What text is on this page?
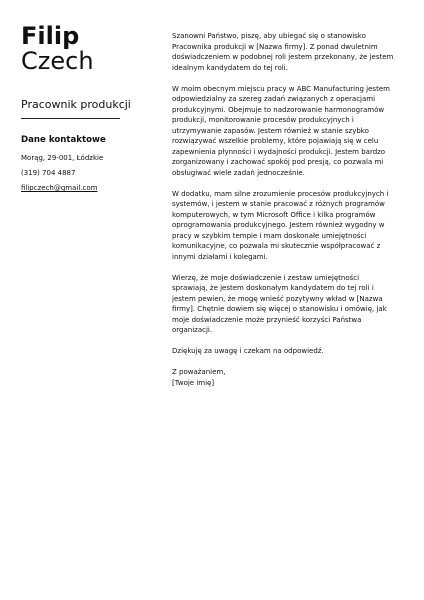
Filip
Czech
Pracownik produkcji
Dane kontaktowe
Morąg, 29-001, Łódzkie
(319) 704 4887
filipczech@gmail.com

Szanowni Państwo, piszę, aby ubiegać się o stanowisko Pracownika produkcji w [Nazwa firmy]. Z ponad dwuletnim doświadczeniem w podobnej roli jestem przekonany, że jestem idealnym kandydatem do tej roli.

W moim obecnym miejscu pracy w ABC Manufacturing jestem odpowiedzialny za szereg zadań związanych z operacjami produkcyjnymi. Obejmuje to nadzorowanie harmonogramów produkcji, monitorowanie procesów produkcyjnych i utrzymywanie zapasów. Jestem również w stanie szybko rozwiązywać wszelkie problemy, które pojawiają się w celu zapewnienia płynności i wydajności produkcji. Jestem bardzo zorganizowany i zachować spokój pod presją, co pozwala mi obsługiwać wiele zadań jednocześnie.

W dodatku, mam silne zrozumienie procesów produkcyjnych i systemów, i jestem w stanie pracować z różnych programów komputerowych, w tym Microsoft Office i kilka programów oprogramowania produkcyjnego. Jestem również wygodny w pracy w szybkim tempie i mam doskonałe umiejętności komunikacyjne, co pozwala mi skutecznie współpracować z innymi działami i kolegami.

Wierzę, że moje doświadczenie i zestaw umiejętności sprawiają, że jestem doskonałym kandydatem do tej roli i jestem pewien, że mogę wnieść pozytywny wkład w [Nazwa firmy]. Chętnie dowiem się więcej o stanowisku i omówię, jak moje doświadczenie może przynieść korzyści Państwa organizacji.

Dziękuję za uwagę i czekam na odpowiedź.

Z poważaniem,
[Twoje imię]
